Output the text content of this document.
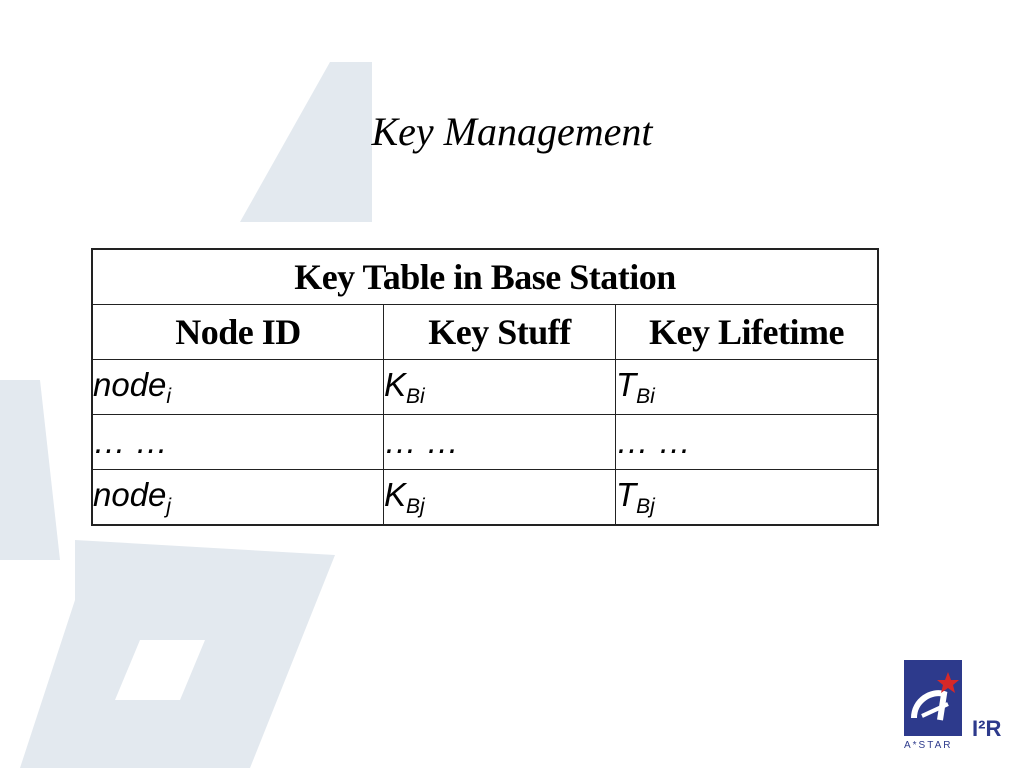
Key Management
Key Table in Base Station		
Node ID	Key Stuff	Key Lifetime
node$_i$	$K_{Bi}$	$T_{Bi}$
… …	… …	… …
node$_j$	$K_{Bj}$	$T_{Bj}$
I²R
A*STAR
